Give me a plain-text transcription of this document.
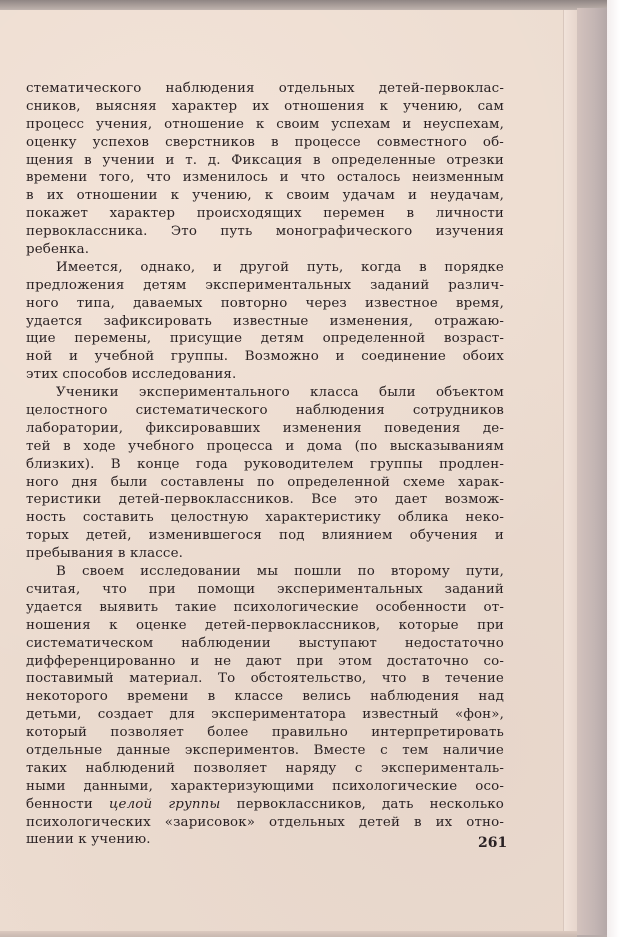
стематического наблюдения отдельных детей-первоклас-
сников, выясняя характер их отношения к учению, сам
процесс учения, отношение к своим успехам и неуспехам,
оценку успехов сверстников в процессе совместного об-
щения в учении и т. д. Фиксация в определенные отрезки
времени того, что изменилось и что осталось неизменным
в их отношении к учению, к своим удачам и неудачам,
покажет характер происходящих перемен в личности
первоклассника. Это путь монографического изучения
ребенка.
Имеется, однако, и другой путь, когда в порядке
предложения детям экспериментальных заданий различ-
ного типа, даваемых повторно через известное время,
удается зафиксировать известные изменения, отражаю-
щие перемены, присущие детям определенной возраст-
ной и учебной группы. Возможно и соединение обоих
этих способов исследования.
Ученики экспериментального класса были объектом
целостного систематического наблюдения сотрудников
лаборатории, фиксировавших изменения поведения де-
тей в ходе учебного процесса и дома (по высказываниям
близких). В конце года руководителем группы продлен-
ного дня были составлены по определенной схеме харак-
теристики детей-первоклассников. Все это дает возмож-
ность составить целостную характеристику облика неко-
торых детей, изменившегося под влиянием обучения и
пребывания в классе.
В своем исследовании мы пошли по второму пути,
считая, что при помощи экспериментальных заданий
удается выявить такие психологические особенности от-
ношения к оценке детей-первоклассников, которые при
систематическом наблюдении выступают недостаточно
дифференцированно и не дают при этом достаточно со-
поставимый материал. То обстоятельство, что в течение
некоторого времени в классе велись наблюдения над
детьми, создает для экспериментатора известный «фон»,
который позволяет более правильно интерпретировать
отдельные данные экспериментов. Вместе с тем наличие
таких наблюдений позволяет наряду с эксперименталь-
ными данными, характеризующими психологические осо-
бенности целой группы первоклассников, дать несколько
психологических «зарисовок» отдельных детей в их отно-
шении к учению.	261
